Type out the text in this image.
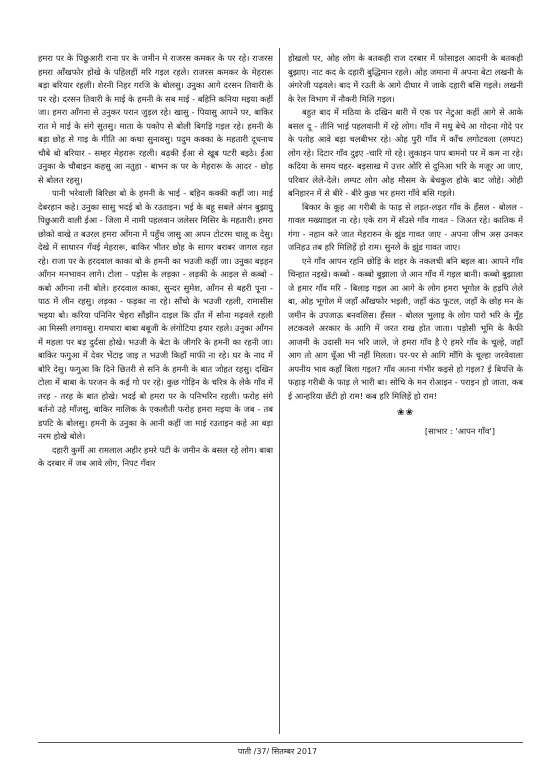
हमरा पर के पिछुआरी राना पर के जमीन मे राजरस कमकर के पर रहे। राजरस हमरा आँखफोर होखे के पहिलहीं मरि गइल रहले। राजरस कमकर के मेहरारू बड़ा बरियार रहली। शेरनी निहर गरजि के बोलसु। उनुका आगे दरसन तिवारी के पर रहे। दरसन तिवारी के माई के हमनी के सब माई - बहिनि कनिया मइया कहीं जा। हमरा आँगना से उनुकर परान जुड़ल रहे। खासु - पियासु आपने पर, बाकिर रात मे माई के संगे सुतसु। माता के पकोप से बोली बिगड़ि गइल रहे। हमनी के बड़ा छोह से गाइ के गीति आ कथा सुनावसु। पदुम कक्का के महतारी दूधनाथ चौबे बो बरियार - सम्हर मेहरारू रहली। बढ़की ईंआ से खूब पटरी बइठे। ईंआ उनुका के चौबाइन कहसु आ नतुहा - बाभन क पर के मेहरारू के आदर - छोह से बोलत रहसु।

पानी भरेवाली बिरिछा बो के हमनी के भाई - बहिन कक्की कहीं जा। माई देबरहान कहे। उनुका सासु भदई बो के रउताइन। भई के बहू सबले अंगन बुझायु पिछुआरी वाली ईआ - जिला में नामी पहलवान जलेसर मिसिर के महतारी। हमरा छोको वाखे त बउरल हमरा आँगना में पहुँच जासु आ अपन टोटरम चालू क देसु। देखे में साधारन गँवई मेहरारू, बाकिर भीतर छोह के सागर बराबर जागल रहत रहे। राजा पर के हरदवाल काका बो के हमनी का भउजी कहीं जा। उनुका बड़हन आँगन मनभावन लागे। टोला - पड़ोस के लड़का - लड़की के आइल से कब्बो - कबो आँगना तनी बोले। हरदवाल काका, सुन्दर सुमेश, आँगन से बहरी पूना - पाठ में लीन रहसु। लड़का - फड़का ना रहे। साँचो के भउजी रहली, रामासीस भइया बो। करिया पनिनिर चेहरा सौंझीन दाइल कि दाँत में सोना मढ़वले रहली आ मिस्सी लगावसु। रामधारा बाबा बबूजी के लंगोटिया इयार रहले। उनुका आँगन में महला पर बड़ दुर्दसा होखे। भउजी के बेटा के जीगरि के हमनी का रहनी जा। बाकिर फगुआ में देवर भेंटाइ जाइ त भउजी किहाँ माफी ना रहे। घर के नाद में बोरि देसु। फगुआ कि दिने छितरी से सनि के हमनी के बात जोहत रहसु। दखिन टोला में बाबा के परजन के कई गो पर रहे। कुछ गोड़िन के चरित्र के लेके गाँव में तरह - तरह के बात होखे। भदई बो हमरा पर के पनिभरिन रहली। फरोह संगे बर्तनो उहे माँजसु, बाकिर मालिक के एकलौती फरोह हमरा मइया के जब - तब डपटि के बोलसु। हमनी के उनुका के आनी कहीं जा माई रउताइन कहे आ बड़ा नरम होखे बोले।

दहारी कुर्मी आ रामलाल अहीर हमरे पटी के जमीन के बसल रहे लोग। बाबा के दरबार में जब आवे लोग, निपट गँवार

होखलो पर, ओह लोग के बतकही राज दरबार में फोसाइल आदमी के बतकही बुझाए। नाट कद के दहारी बुद्धिमान रहले। ओह जमाना में अपना बेटा लखनी के अंगरेजी पढ़वले। बाद में रउती के आगे दीघार में जाके दहारी बसि गइले। लखनी के रेल विभाग में नौकरी मिलि गइल।

बहुत बाद में मठिया के दखिन बारी में एक पर नेटुआ कहीं आगे से आके बसल दू - तीनि भाई पहलवानी में रहे लोग। गाँव में मधु बेचे आ गोदना गोदे पर के पतोह आवे बड़ा चलबीभर रहे। ओह पुरी गाँव में काँच लगोटवला (लम्पट) लोग रहे। दिटार गाँव दुइए -चारि गो रहे। लुकाइन पाप बामनो पर में कम ना रहे। कदिया के समय चहर- बइसाख में उत्तर ओरि से दुनिआ भरि के मजूर आ जाए, परिवार लेले-देले। लम्पट लोग ओह मौसम के बेचकुल होके बाट जोहे। ओही बनिहारन में से बीरे - बीरे कुछ भर हमरा गाँवे बसि गइले।

बिकार के कूह आ गरीबी के फाड़ से लड़त-लड़त गाँव के हँसल - बोलल - गावल मख्यााइल ना रहे। एके राग में सँउसे गाँव गावत - जिअत रहे। कातिक में गंगा - नहान करे जात मेहरारुन के झुंड गावत जाए - अपना जीभ अस उनकर जनिहउ तब हरि मिलिहें हो राम। सुनले के झुंड गावत जाए।

एने गाँव आपन रहनि छोड़ि के शहर के नकलची बनि बइल बा। आपने गाँव चिन्हात नइखे। कब्बो - कब्बो बुझाला जे आन गाँव में गइल बानी। कब्बो बुझाला जे हमार गाँव मरि - बिलाइ गइल आ आगे के लोग हमरा भूगोल के हड़पि लेले बा, ओह भूगोल में जहाँ आँखफोर भइली, जहाँ कंठ फूटल, जहाँ के छोह मन के जमीन के उपजाऊ बनवलिस। हँसल - बोलल भुलाइ के लोग पारो भरि के मूँह लटकवले अरकार के आगि में जरत राख होत जाता। पड़ोसी भूमि के कैफी आजमी के उदासी मन भरि जाले, जे हमरा गाँव है ऐ हमरे गाँव के चूल्हे, जहाँ आग तो आग धूँआ भी नहीं मिलता। पर-पर से आगि माँगि के चूल्हा जरवेवाला अपनीय भाव कहाँ बिला गइल? गाँव अतना गंभीर कइसे हो गइल? ई बिपत्ति के फहाड़ गरीबी के फाड़ ले भारी बा। सोचि के मन रोआइन - पराइन हो जाता, कब ई आन्हरिया छँटी हो राम! कब हरि मिलिहें हो राम!

❀❀
[साभार : 'आपन गाँव']
पाती /37/ सितम्बर 2017
